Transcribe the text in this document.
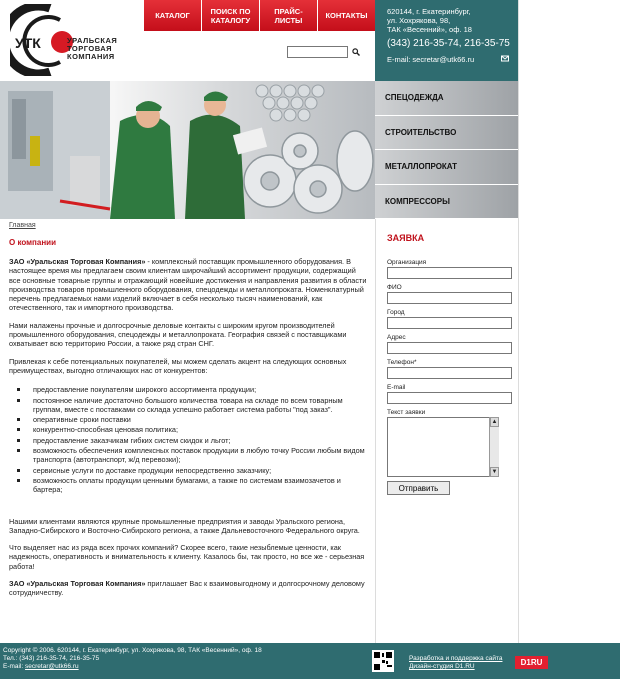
УТК	УРАЛЬСКАЯ
ТОРГОВАЯ
КОМПАНИЯ
КАТАЛОГ	ПОИСК ПО КАТАЛОГУ
ПРАЙС-ЛИСТЫ	КОНТАКТЫ	620144, г. Екатеринбург,
ул. Хохрякова, 98,
ТАК «Весенний», оф. 18
(343) 216-35-74, 216-35-75
E-mail: secretar@utk66.ru
СПЕЦОДЕЖДА
СТРОИТЕЛЬСТВО
МЕТАЛЛОПРОКАТ
КОМПРЕССОРЫ
Главная
О компании

ЗАО «Уральская Торговая Компания» - комплексный поставщик промышленного оборудования. В настоящее время мы предлагаем своим клиентам широчайший ассортимент продукции, содержащий все основные товарные группы и отражающий новейшие достижения и направления развития в области производства товаров промышленного оборудования, спецодежды и металлопроката. Номенклатурный перечень предлагаемых нами изделий включает в себя несколько тысяч наименований, как отечественного, так и импортного производства.

Нами налажены прочные и долгосрочные деловые контакты с широким кругом производителей промышленного оборудования, спецодежды и металлопроката. География связей с поставщиками охватывает всю территорию России, а также ряд стран СНГ.

Привлекая к себе потенциальных покупателей, мы можем сделать акцент на следующих основных преимуществах, выгодно отличающих нас от конкурентов:

предоставление покупателям широкого ассортимента продукции;
постоянное наличие достаточно большого количества товара на складе по всем товарным группам, вместе с поставками со склада успешно работает система работы "под заказ".
оперативные сроки поставки
конкурентно-способная ценовая политика;
предоставление заказчикам гибких систем скидок и льгот;
возможность обеспечения комплексных поставок продукции в любую точку России любым видом транспорта (автотранспорт, ж/д перевозки);
сервисные услуги по доставке продукции непосредственно заказчику;
возможность оплаты продукции ценными бумагами, а также по системам взаимозачетов и бартера;

Нашими клиентами являются крупные промышленные предприятия и заводы Уральского региона, Западно-Сибирского и Восточно-Сибирского региона, а также Дальневосточного Федерального округа.

Что выделяет нас из ряда всех прочих компаний? Скорее всего, такие незыблемые ценности, как надежность, оперативность и внимательность к клиенту. Казалось бы, так просто, но все же - серьезная работа!

ЗАО «Уральская Торговая Компания» приглашает Вас к взаимовыгодному и долгосрочному деловому сотрудничеству.

ЗАЯВКА
Организация
ФИО
Город
Адрес
Телефон*
E-mail
Текст заявки
▲
▼
Отправить
Copyright © 2006. 620144, г. Екатеринбург, ул. Хохрякова, 98, ТАК «Весенний», оф. 18
Тел.: (343) 216-35-74, 216-35-75
E-mail: secretar@utk66.ru
Разработка и поддержка сайта
Дизайн-студия D1.RU	D1RU
